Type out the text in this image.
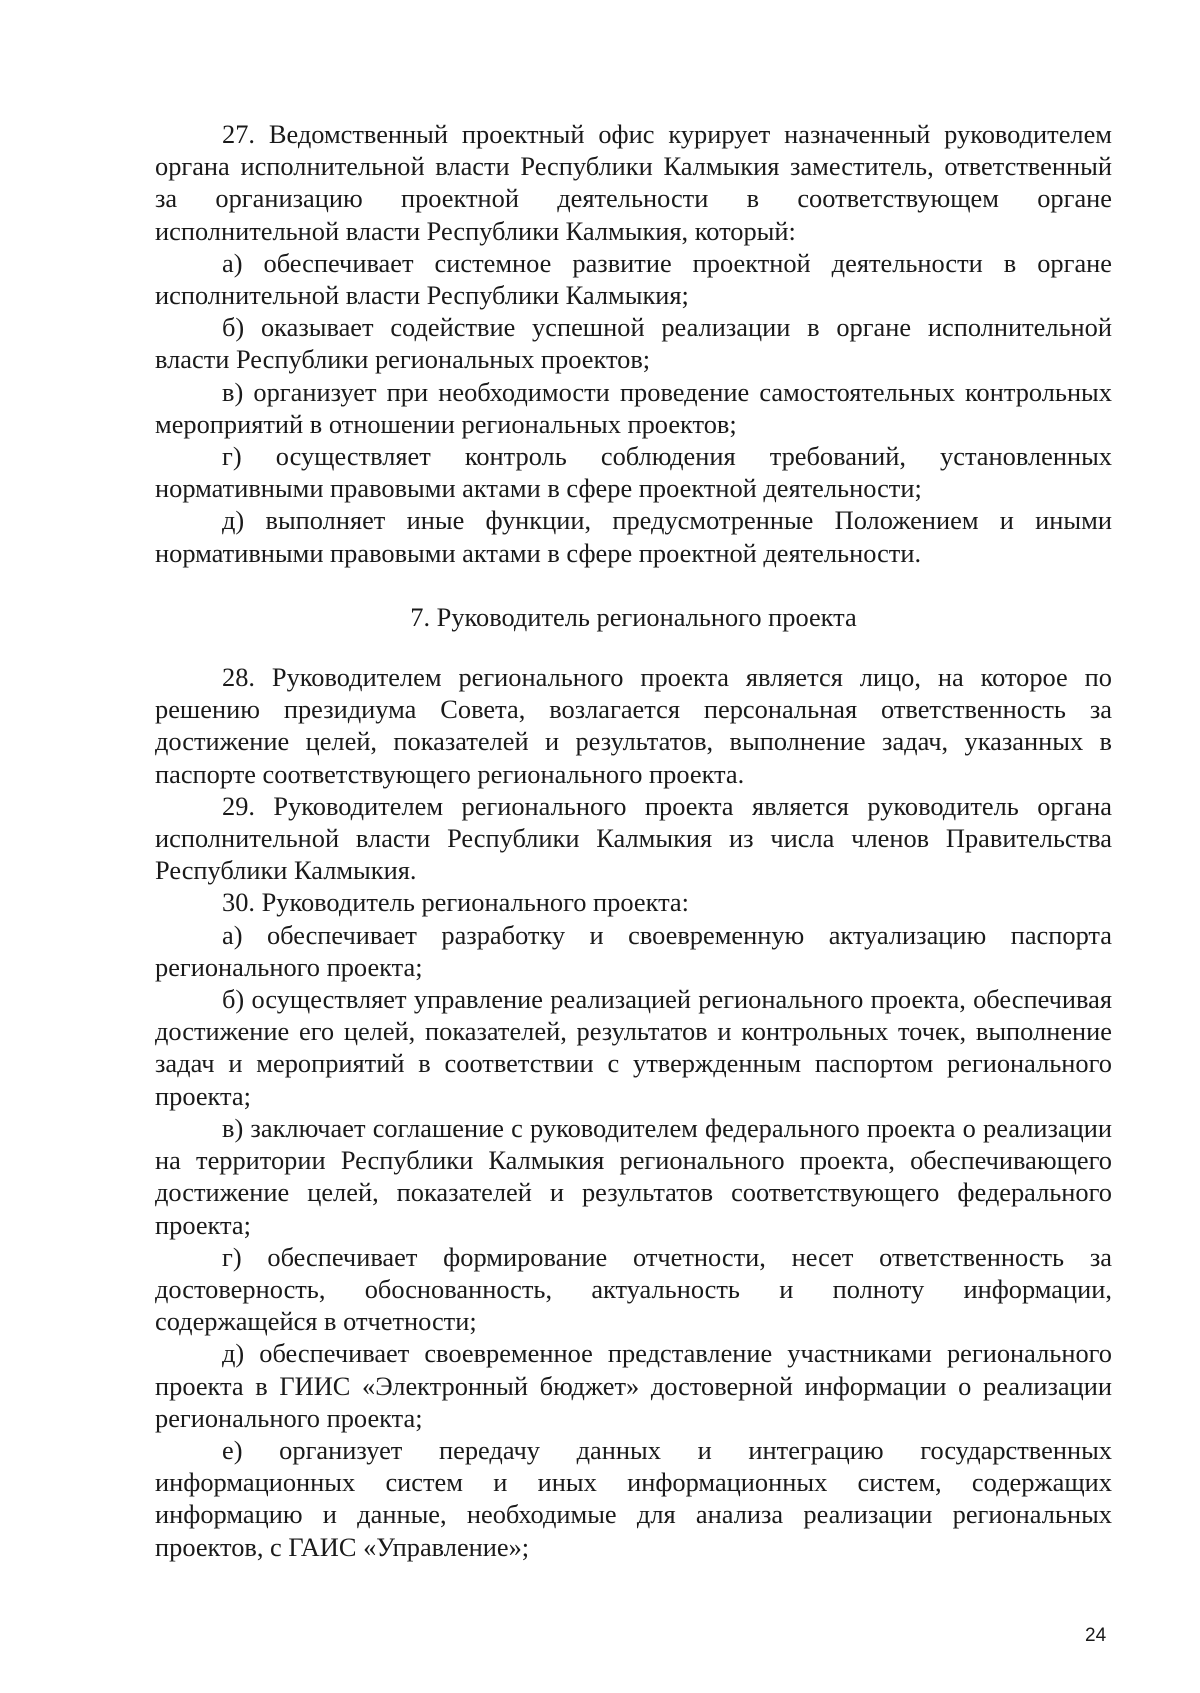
27. Ведомственный проектный офис курирует назначенный руководителем органа исполнительной власти Республики Калмыкия заместитель, ответственный за организацию проектной деятельности в соответствующем органе исполнительной власти Республики Калмыкия, который:

а) обеспечивает системное развитие проектной деятельности в органе исполнительной власти Республики Калмыкия;

б) оказывает содействие успешной реализации в органе исполнительной власти Республики региональных проектов;

в) организует при необходимости проведение самостоятельных контрольных мероприятий в отношении региональных проектов;

г) осуществляет контроль соблюдения требований, установленных нормативными правовыми актами в сфере проектной деятельности;

д) выполняет иные функции, предусмотренные Положением и иными нормативными правовыми актами в сфере проектной деятельности.

7. Руководитель регионального проекта

28. Руководителем регионального проекта является лицо, на которое по решению президиума Совета, возлагается персональная ответственность за достижение целей, показателей и результатов, выполнение задач, указанных в паспорте соответствующего регионального проекта.

29. Руководителем регионального проекта является руководитель органа исполнительной власти Республики Калмыкия из числа членов Правительства Республики Калмыкия.

30. Руководитель регионального проекта:

а) обеспечивает разработку и своевременную актуализацию паспорта регионального проекта;

б) осуществляет управление реализацией регионального проекта, обеспечивая достижение его целей, показателей, результатов и контрольных точек, выполнение задач и мероприятий в соответствии с утвержденным паспортом регионального проекта;

в) заключает соглашение с руководителем федерального проекта о реализации на территории Республики Калмыкия регионального проекта, обеспечивающего достижение целей, показателей и результатов соответствующего федерального проекта;

г) обеспечивает формирование отчетности, несет ответственность за достоверность, обоснованность, актуальность и полноту информации, содержащейся в отчетности;

д) обеспечивает своевременное представление участниками регионального проекта в ГИИС «Электронный бюджет» достоверной информации о реализации регионального проекта;

е) организует передачу данных и интеграцию государственных информационных систем и иных информационных систем, содержащих информацию и данные, необходимые для анализа реализации региональных проектов, с ГАИС «Управление»;

24
